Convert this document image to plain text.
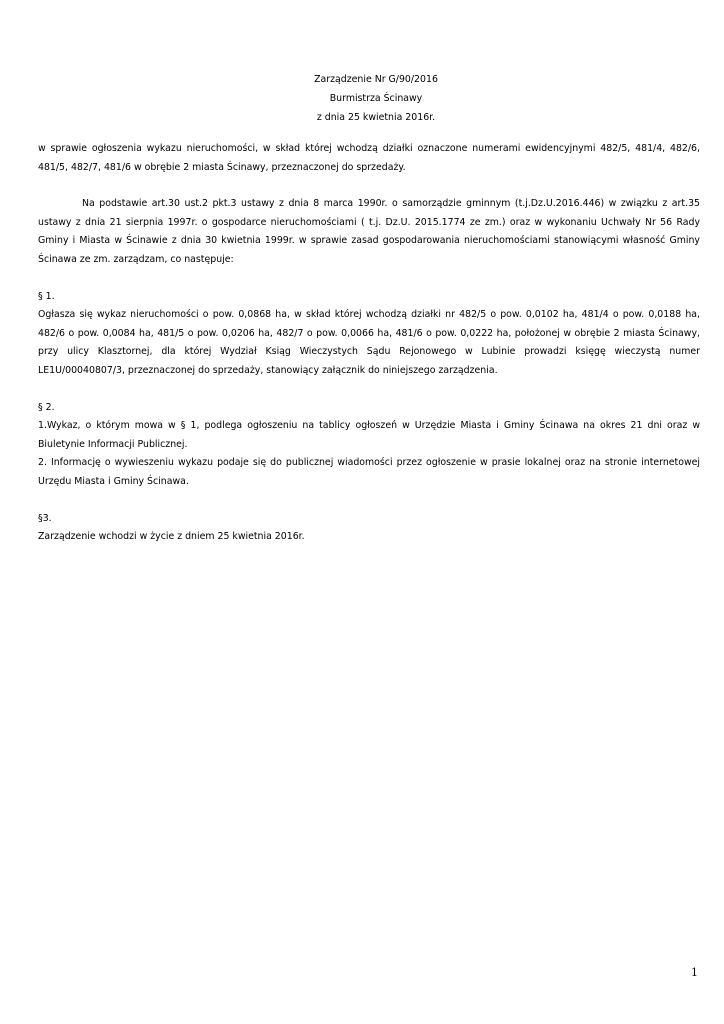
Zarządzenie Nr G/90/2016
Burmistrza Ścinawy
z dnia 25 kwietnia 2016r.

w sprawie ogłoszenia wykazu nieruchomości, w skład której wchodzą działki oznaczone numerami ewidencyjnymi 482/5, 481/4, 482/6, 481/5, 482/7, 481/6 w obrębie 2 miasta Ścinawy, przeznaczonej do sprzedaży.

Na podstawie art.30 ust.2 pkt.3 ustawy z dnia 8 marca 1990r. o samorządzie gminnym (t.j.Dz.U.2016.446) w związku z art.35 ustawy z dnia 21 sierpnia 1997r. o gospodarce nieruchomościami ( t.j. Dz.U. 2015.1774 ze zm.) oraz w wykonaniu Uchwały Nr 56 Rady Gminy i Miasta w Ścinawie z dnia 30 kwietnia 1999r. w sprawie zasad gospodarowania nieruchomościami stanowiącymi własność Gminy Ścinawa ze zm. zarządzam, co następuje:

§ 1.

Ogłasza się wykaz nieruchomości o pow. 0,0868 ha, w skład której wchodzą działki nr 482/5 o pow. 0,0102 ha, 481/4 o pow. 0,0188 ha, 482/6 o pow. 0,0084 ha, 481/5 o pow. 0,0206 ha, 482/7 o pow. 0,0066 ha, 481/6 o pow. 0,0222 ha, położonej w obrębie 2 miasta Ścinawy, przy ulicy Klasztornej, dla której Wydział Ksiąg Wieczystych Sądu Rejonowego w Lubinie prowadzi księgę wieczystą numer LE1U/00040807/3, przeznaczonej do sprzedaży, stanowiący załącznik do niniejszego zarządzenia.

§ 2.

1.Wykaz, o którym mowa w § 1, podlega ogłoszeniu na tablicy ogłoszeń w Urzędzie Miasta i Gminy Ścinawa na okres 21 dni oraz w Biuletynie Informacji Publicznej.

2. Informację o wywieszeniu wykazu podaje się do publicznej wiadomości przez ogłoszenie w prasie lokalnej oraz na stronie internetowej Urzędu Miasta i Gminy Ścinawa.

§3.

Zarządzenie wchodzi w życie z dniem 25 kwietnia 2016r.

1
